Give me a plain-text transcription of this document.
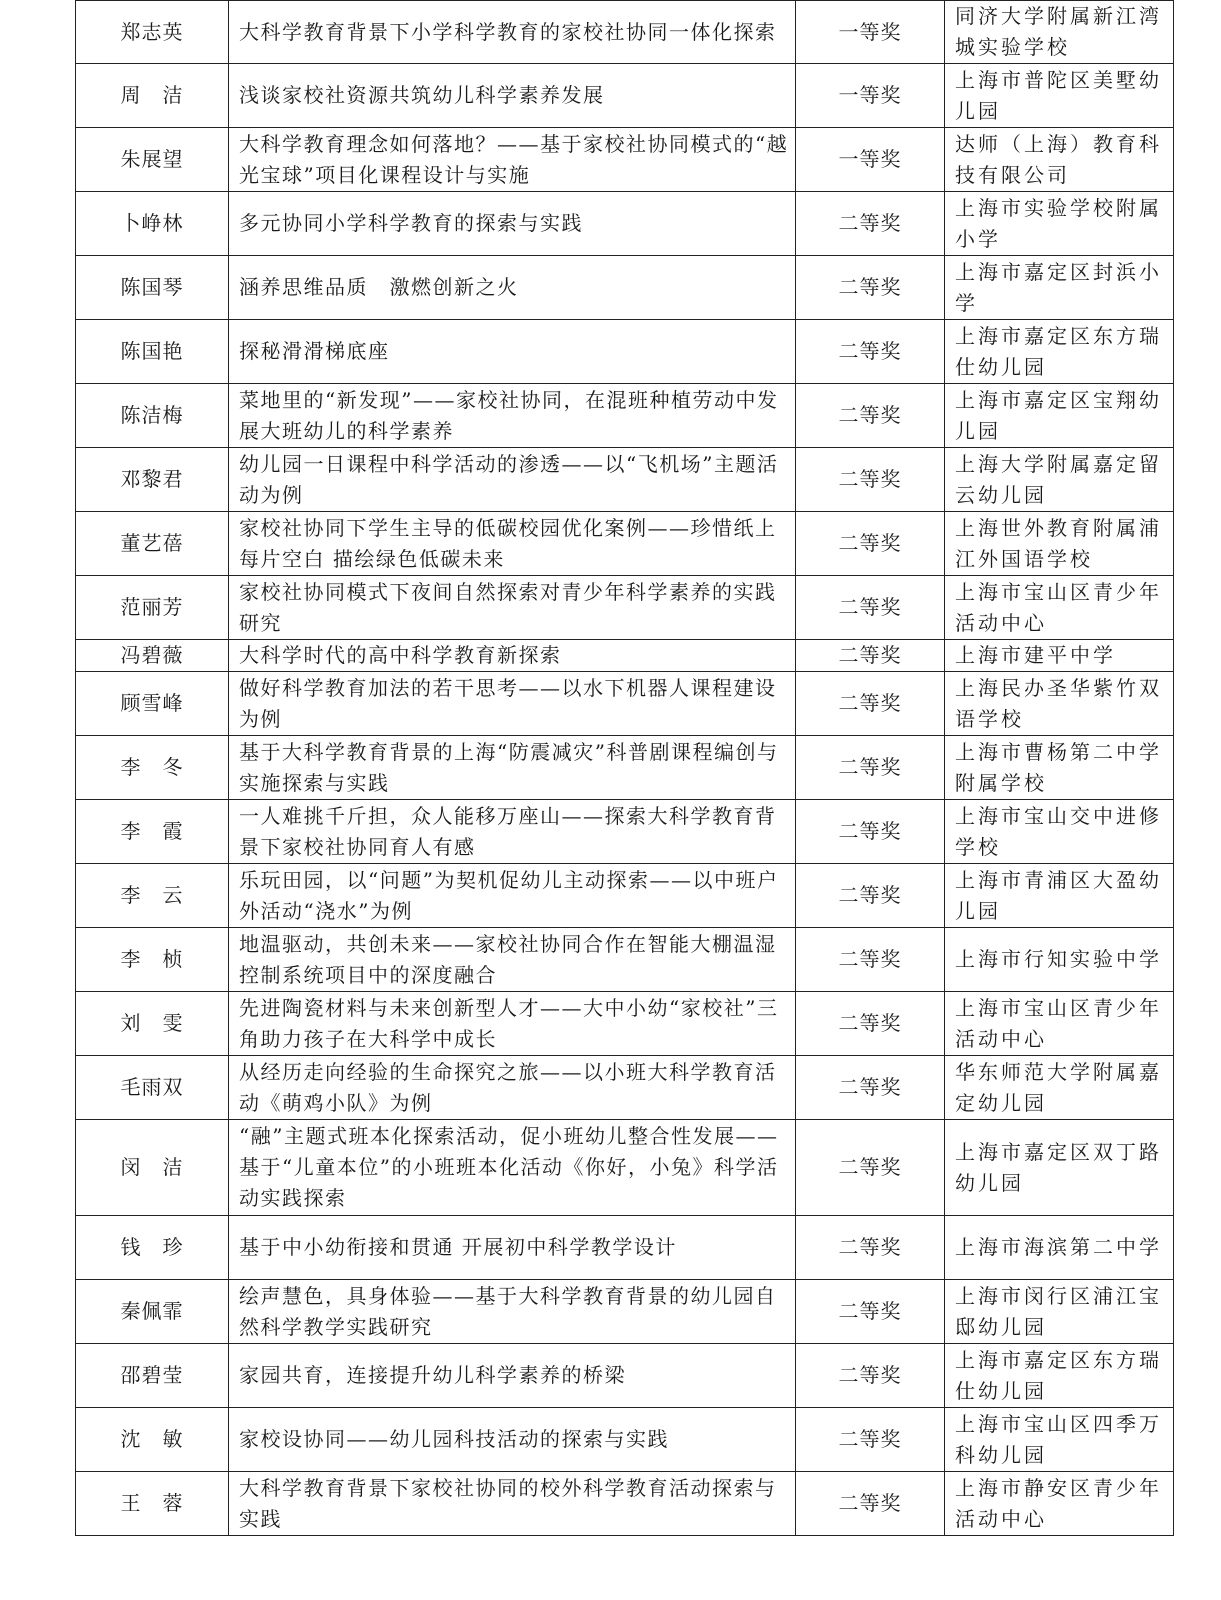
郑志英	大科学教育背景下小学科学教育的家校社协同一体化探索	一等奖	同济大学附属新江湾城实验学校

周　洁	浅谈家校社资源共筑幼儿科学素养发展	一等奖	上海市普陀区美墅幼儿园

朱展望	大科学教育理念如何落地？——基于家校社协同模式的“越光宝球”项目化课程设计与实施	一等奖	达师（上海）教育科技有限公司

卜峥林	多元协同小学科学教育的探索与实践	二等奖	上海市实验学校附属小学

陈国琴	涵养思维品质　激燃创新之火	二等奖	上海市嘉定区封浜小学

陈国艳	探秘滑滑梯底座	二等奖	上海市嘉定区东方瑞仕幼儿园

陈洁梅	菜地里的“新发现”——家校社协同，在混班种植劳动中发展大班幼儿的科学素养	二等奖	上海市嘉定区宝翔幼儿园

邓黎君	幼儿园一日课程中科学活动的渗透——以“飞机场”主题活动为例	二等奖	上海大学附属嘉定留云幼儿园

董艺蓓	家校社协同下学生主导的低碳校园优化案例——珍惜纸上每片空白 描绘绿色低碳未来	二等奖	上海世外教育附属浦江外国语学校

范丽芳	家校社协同模式下夜间自然探索对青少年科学素养的实践研究	二等奖	上海市宝山区青少年活动中心

冯碧薇	大科学时代的高中科学教育新探索	二等奖	上海市建平中学

顾雪峰	做好科学教育加法的若干思考——以水下机器人课程建设为例	二等奖	上海民办圣华紫竹双语学校

李　冬	基于大科学教育背景的上海“防震减灾”科普剧课程编创与实施探索与实践	二等奖	上海市曹杨第二中学附属学校

李　霞	一人难挑千斤担，众人能移万座山——探索大科学教育背景下家校社协同育人有感	二等奖	上海市宝山交中进修学校

李　云	乐玩田园，以“问题”为契机促幼儿主动探索——以中班户外活动“浇水”为例	二等奖	上海市青浦区大盈幼儿园

李　桢	地温驱动，共创未来——家校社协同合作在智能大棚温湿控制系统项目中的深度融合	二等奖	上海市行知实验中学

刘　雯	先进陶瓷材料与未来创新型人才——大中小幼“家校社”三角助力孩子在大科学中成长	二等奖	上海市宝山区青少年活动中心

毛雨双	从经历走向经验的生命探究之旅——以小班大科学教育活动《萌鸡小队》为例	二等奖	华东师范大学附属嘉定幼儿园

闵　洁	“融”主题式班本化探索活动，促小班幼儿整合性发展——基于“儿童本位”的小班班本化活动《你好，小兔》科学活动实践探索	二等奖	上海市嘉定区双丁路幼儿园

钱　珍	基于中小幼衔接和贯通 开展初中科学教学设计	二等奖	上海市海滨第二中学

秦佩霏	绘声慧色，具身体验——基于大科学教育背景的幼儿园自然科学教学实践研究	二等奖	上海市闵行区浦江宝邸幼儿园

邵碧莹	家园共育，连接提升幼儿科学素养的桥梁	二等奖	上海市嘉定区东方瑞仕幼儿园

沈　敏	家校设协同——幼儿园科技活动的探索与实践	二等奖	上海市宝山区四季万科幼儿园

王　蓉	大科学教育背景下家校社协同的校外科学教育活动探索与实践	二等奖	上海市静安区青少年活动中心
